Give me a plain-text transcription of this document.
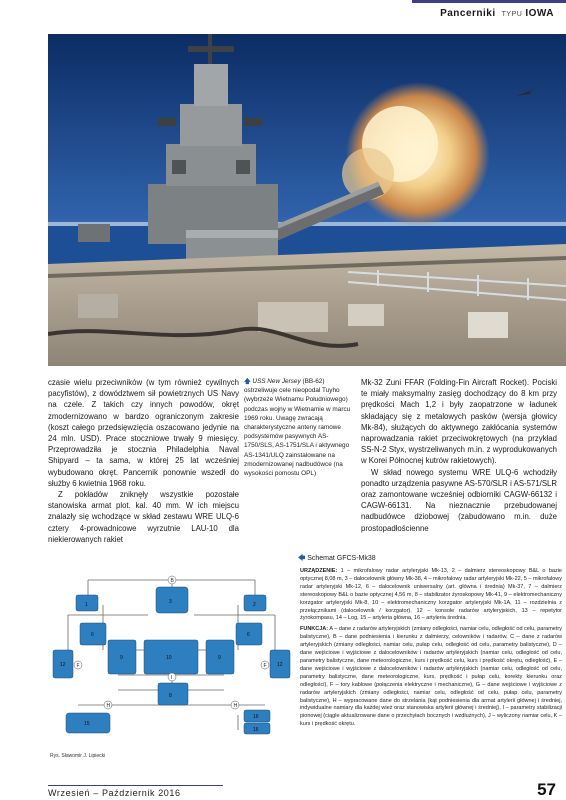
Pancerniki TYPU IOWA

czasie wielu przeciwników (w tym również cywilnych pacyfistów), z dowództwem sił powietrznych US Navy na czele. Z takich czy innych powodów, okręt zmodernizowano w bardzo ograniczonym zakresie (koszt całego przedsięwzięcia oszacowano jedynie na 24 mln. USD). Prace stoczniowe trwały 9 miesięcy. Przeprowadziła je stocznia Philadelphia Naval Shipyard – ta sama, w której 25 lat wcześniej wybudowano okręt. Pancernik ponownie wszedł do służby 6 kwietnia 1968 roku.

Z pokładów zniknęły wszystkie pozostałe stanowiska armat plot. kal. 40 mm. W ich miejscu znalazły się wchodzące w skład zestawu WRE ULQ-6 cztery 4-prowadnicowe wyrzutnie LAU-10 dla niekierowanych rakiet

🡅 USS New Jersey (BB-62) ostrzeliwuje cele nieopodal Tuyho (wybrzeże Wietnamu Południowego) podczas wojny w Wietnamie w marcu 1969 roku. Uwagę zwracają charakterystyczne anteny ramowe podsystemów pasywnych AS-1750/SLS, AS-1751/SLA i aktywnego AS-1341/ULQ zainstalowane na zmodernizowanej nadbudówce (na wysokości pomostu OPL)

Mk-32 Zuni FFAR (Folding-Fin Aircraft Rocket). Pociski te miały maksymalny zasięg dochodzący do 8 km przy prędkości Mach 1,2 i były zaopatrzone w ładunek składający się z metalowych pasków (wersja głowicy Mk-84), służących do aktywnego zakłócania systemów naprowadzania rakiet przeciwokrętowych (na przykład SS-N-2 Styx, wystrzeliwanych m.in. z wyprodukowanych w Korei Północnej kutrów rakietowych).

W skład nowego systemu WRE ULQ-6 wchodziły ponadto urządzenia pasywne AS-570/SLR i AS-571/SLR oraz zamontowane wcześniej odbiorniki CAGW-66132 i CAGW-66131. Na nieznacznie przebudowanej nadbudówce dziobowej (zabudowano m.in. duże prostopadłościenne

🡄 Schemat GFCS-Mk38
B
F	F
I
H	H
3
1	2
6	6
9	10	9
12	12
8
15
16
16
Rys. Sławomir J. Lipiecki

URZĄDZENIE: 1 – mikrofalowy radar artyleryjski Mk-13, 2 – dalmierz stereoskopowy B&L o bazie optycznej 8,08 m, 3 – dalocelownik główny Mk-38, 4 – mikrofalowy radar artyleryjski Mk-22, 5 – mikrofalowy radar artyleryjski Mk-12, 6 – dalocelownik uniwersalny (art. główna i średnia) Mk-37, 7 – dalmierz stereoskopowy B&L o bazie optycznej 4,56 m, 8 – stabilizator żyroskopowy Mk-41, 9 – elektromechaniczny korzgator artyleryjski Mk-8, 10 – elektromechaniczny korzgator artyleryjski Mk-1A, 11 – rozdzielnia z przełącznikami (dalocelownik / korzgator), 12 – konsole radarów artyleryjskich, 13 – repetytor żyrokompasu, 14 – Log, 15 – artyleria główna, 16 – artyleria średnia.

FUNKCJA: A – dane z radarów artyleryjskich (zmiany odległości, namiar celu, odległość od celu, parametry balistyczne), B – dane podniesienia i kierunku z dalmierzy, celowników i radarów, C – dane z radarów artyleryjskich (zmiany odległości, namiar celu, pułap celu, odległość od celu, parametry balistyczne), D – dane wejściowe i wyjściowe z dalocelowników i radarów artyleryjskich (namiar celu, odległość od celu, parametry balistyczne, dane meteorologiczne, kurs i prędkość celu, kurs i prędkość okrętu, odległość), E – dane wejściowe i wyjściowe z dalocelowników i radarów artyleryjskich (namiar celu, odległość od celu, parametry balistyczne, dane meteorologiczne, kurs, prędkość i pułap celu, korekty kierunku oraz odległości), F – tory kablowe (połączenia elektryczne i mechaniczne), G – dane wejściowe i wyjściowe z radarów artyleryjskich (zmiany odległości, namiar celu, odległość od celu, pułap celu, parametry balistyczne), H – wypracowane dane do strzelania (kąt podniesienia dla armat artylerii głównej i średniej, indywidualne namiary dla każdej wież oraz stanowiska artylerii głównej i średniej), I – parametry stabilizacji pionowej (ciągle aktualizowane dane o przechyłach bocznych i wzdłużnych), J – wyliczony namiar celu, K – kurs i prędkość okrętu.

Wrzesień – Październik 2016	57
